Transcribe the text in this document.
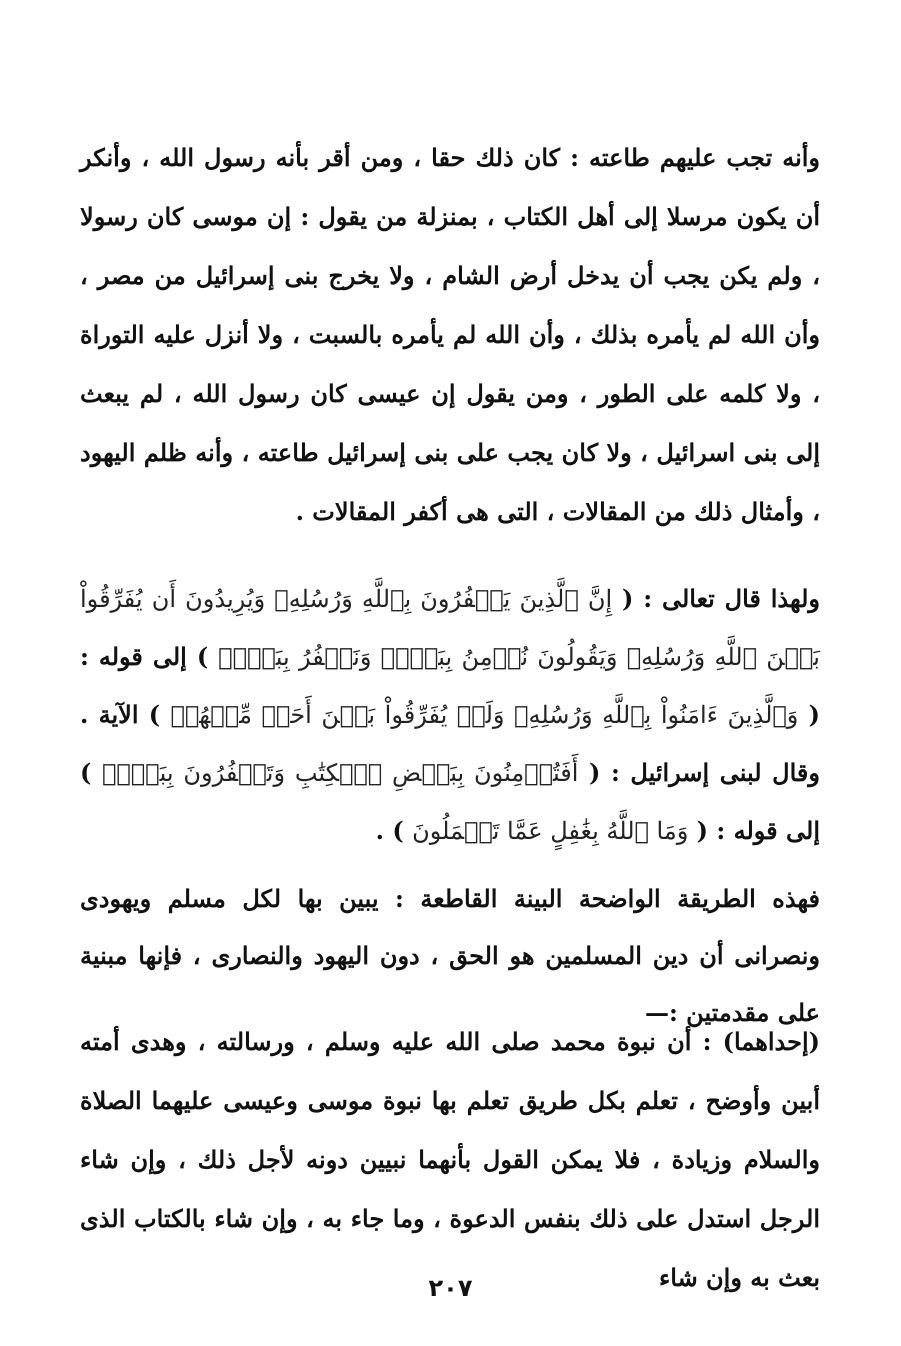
وأنه تجب عليهم طاعته : كان ذلك حقا ، ومن أقر بأنه رسول الله ، وأنكر أن يكون مرسلا إلى أهل الكتاب ، بمنزلة من يقول : إن موسى كان رسولا ، ولم يكن يجب أن يدخل أرض الشام ، ولا يخرج بنى إسرائيل من مصر ، وأن الله لم يأمره بذلك ، وأن الله لم يأمره بالسبت ، ولا أنزل عليه التوراة ، ولا كلمه على الطور ، ومن يقول إن عيسى كان رسول الله ، لم يبعث إلى بنى اسرائيل ، ولا كان يجب على بنى إسرائيل طاعته ، وأنه ظلم اليهود ، وأمثال ذلك من المقالات ، التى هى أكفر المقالات .

ولهذا قال تعالى : ( إِنَّ ٱلَّذِينَ يَكۡفُرُونَ بِٱللَّهِ وَرُسُلِهِۦ وَيُرِيدُونَ أَن يُفَرِّقُواْ بَيۡنَ ٱللَّهِ وَرُسُلِهِۦ وَيَقُولُونَ نُؤۡمِنُ بِبَعۡضٖ وَنَكۡفُرُ بِبَعۡضٖ ) إلى قوله : ( وَٱلَّذِينَ ءَامَنُواْ بِٱللَّهِ وَرُسُلِهِۦ وَلَمۡ يُفَرِّقُواْ بَيۡنَ أَحَدٖ مِّنۡهُمۡ ) الآية . وقال لبنى إسرائيل : ( أَفَتُؤۡمِنُونَ بِبَعۡضِ ٱلۡكِتَٰبِ وَتَكۡفُرُونَ بِبَعۡضٖ ) إلى قوله : ( وَمَا ٱللَّهُ بِغَٰفِلٍ عَمَّا تَعۡمَلُونَ ) .

فهذه الطريقة الواضحة البينة القاطعة : يبين بها لكل مسلم ويهودى ونصرانى أن دين المسلمين هو الحق ، دون اليهود والنصارى ، فإنها مبنية على مقدمتين :—

(إحداهما) : أن نبوة محمد صلى الله عليه وسلم ، ورسالته ، وهدى أمته أبين وأوضح ، تعلم بكل طريق تعلم بها نبوة موسى وعيسى عليهما الصلاة والسلام وزيادة ، فلا يمكن القول بأنهما نبيين دونه لأجل ذلك ، وإن شاء الرجل استدل على ذلك بنفس الدعوة ، وما جاء به ، وإن شاء بالكتاب الذى بعث به وإن شاء

٢٠٧
